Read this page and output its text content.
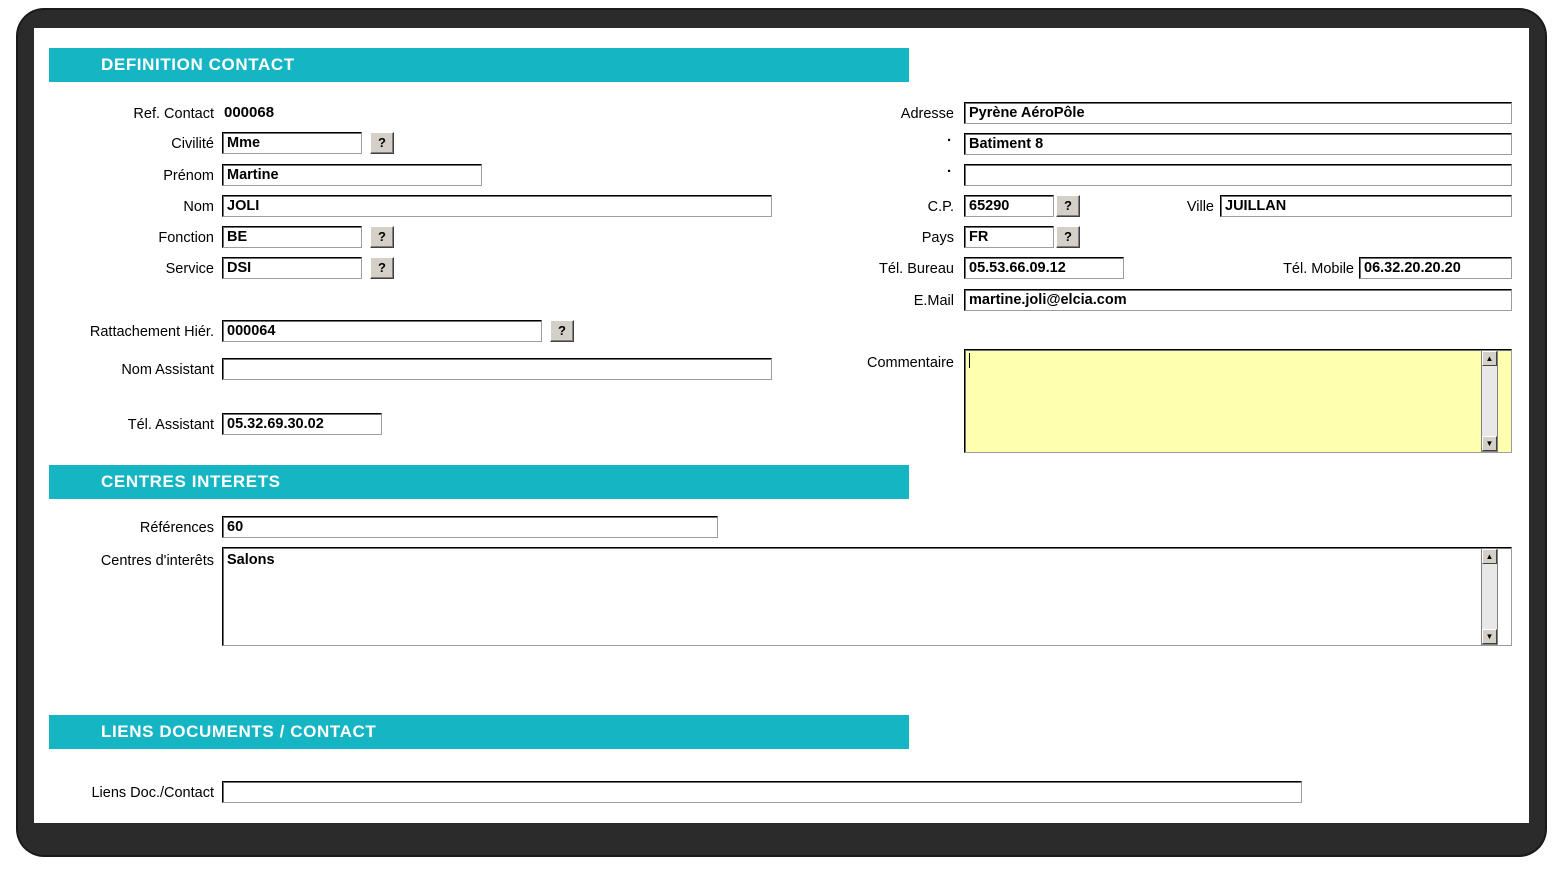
DEFINITION CONTACT
Ref. Contact 000068
Civilité Mme	?
Prénom Martine
Nom JOLI
Fonction BE	?
Service DSI	?
Rattachement Hiér. 000064	?
Nom Assistant
Tél. Assistant 05.32.69.30.02
Adresse	Pyrène AéroPôle
.	Batiment 8
.
C.P.	65290	?	Ville JUILLAN
Pays	FR	?
Tél. Bureau	05.53.66.09.12	Tél. Mobile 06.32.20.20.20
E.Mail	martine.joli@elcia.com
Commentaire	▲
▼
CENTRES INTERETS
Références 60
Centres d'interêts Salons	▲
▼
LIENS DOCUMENTS / CONTACT
Liens Doc./Contact
